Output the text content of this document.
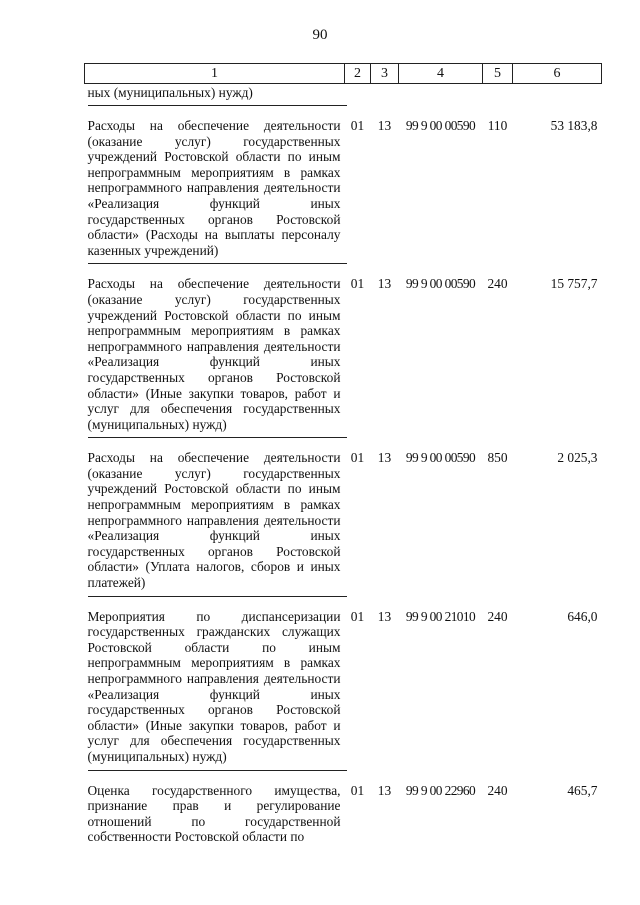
90
1	2	3	4	5	6
ных (муниципальных) нужд)

Расходы на обеспечение деятельности (оказание услуг) государственных учреждений Ростовской области по иным непрограммным мероприятиям в рамках непрограммного направления деятельности «Реализация функций иных государственных органов Ростовской области» (Расходы на выплаты персоналу казенных учреждений)	01	13	99 9 00 00590	110	53 183,8
Расходы на обеспечение деятельности (оказание услуг) государственных учреждений Ростовской области по иным непрограммным мероприятиям в рамках непрограммного направления деятельности «Реализация функций иных государственных органов Ростовской области» (Иные закупки товаров, работ и услуг для обеспечения государственных (муниципальных) нужд)	01	13	99 9 00 00590	240	15 757,7
Расходы на обеспечение деятельности (оказание услуг) государственных учреждений Ростовской области по иным непрограммным мероприятиям в рамках непрограммного направления деятельности «Реализация функций иных государственных органов Ростовской области» (Уплата налогов, сборов и иных платежей)	01	13	99 9 00 00590	850	2 025,3
Мероприятия по диспансеризации государственных гражданских служащих Ростовской области по иным непрограммным мероприятиям в рамках непрограммного направления деятельности «Реализация функций иных государственных органов Ростовской области» (Иные закупки товаров, работ и услуг для обеспечения государственных (муниципальных) нужд)	01	13	99 9 00 21010	240	646,0
Оценка государственного имущества, признание прав и регулирование отношений по государственной собственности Ростовской области по	01	13	99 9 00 22960	240	465,7
